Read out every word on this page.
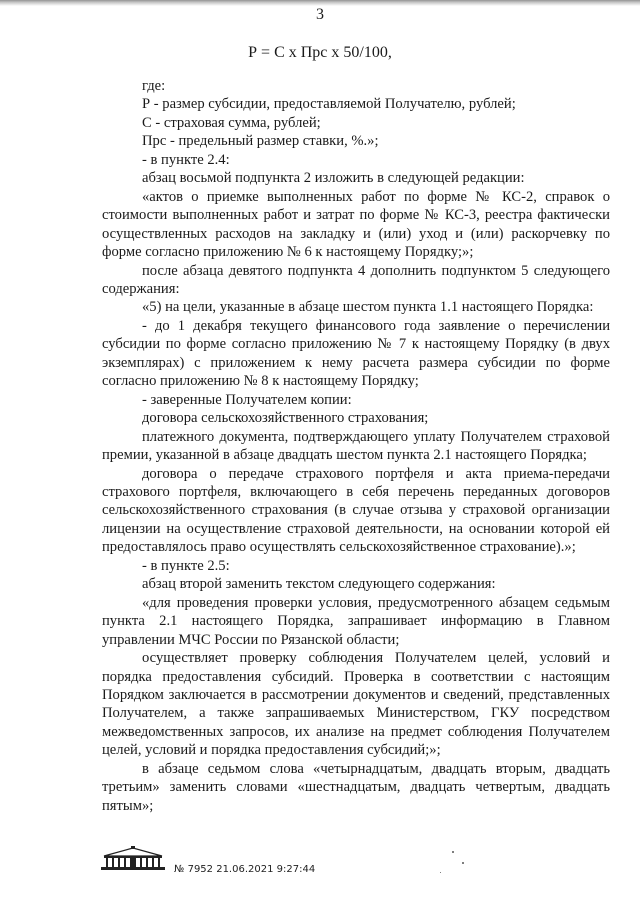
3
Р = С х Прс х 50/100,

где:

Р - размер субсидии, предоставляемой Получателю, рублей;

С - страховая сумма, рублей;

Прс - предельный размер ставки, %.»;

- в пункте 2.4:

абзац восьмой подпункта 2 изложить в следующей редакции:

«актов о приемке выполненных работ по форме № КС-2, справок о стоимости выполненных работ и затрат по форме № КС-3, реестра фактически осуществленных расходов на закладку и (или) уход и (или) раскорчевку по форме согласно приложению № 6 к настоящему Порядку;»;

после абзаца девятого подпункта 4 дополнить подпунктом 5 следующего содержания:

«5) на цели, указанные в абзаце шестом пункта 1.1 настоящего Порядка:

- до 1 декабря текущего финансового года заявление о перечислении субсидии по форме согласно приложению № 7 к настоящему Порядку (в двух экземплярах) с приложением к нему расчета размера субсидии по форме согласно приложению № 8 к настоящему Порядку;

- заверенные Получателем копии:

договора сельскохозяйственного страхования;

платежного документа, подтверждающего уплату Получателем страховой премии, указанной в абзаце двадцать шестом пункта 2.1 настоящего Порядка;

договора о передаче страхового портфеля и акта приема-передачи страхового портфеля, включающего в себя перечень переданных договоров сельскохозяйственного страхования (в случае отзыва у страховой организации лицензии на осуществление страховой деятельности, на основании которой ей предоставлялось право осуществлять сельскохозяйственное страхование).»;

- в пункте 2.5:

абзац второй заменить текстом следующего содержания:

«для проведения проверки условия, предусмотренного абзацем седьмым пункта 2.1 настоящего Порядка, запрашивает информацию в Главном управлении МЧС России по Рязанской области;

осуществляет проверку соблюдения Получателем целей, условий и порядка предоставления субсидий. Проверка в соответствии с настоящим Порядком заключается в рассмотрении документов и сведений, представленных Получателем, а также запрашиваемых Министерством, ГКУ посредством межведомственных запросов, их анализе на предмет соблюдения Получателем целей, условий и порядка предоставления субсидий;»;

в абзаце седьмом слова «четырнадцатым, двадцать вторым, двадцать третьим» заменить словами «шестнадцатым, двадцать четвертым, двадцать пятым»;

№ 7952 21.06.2021 9:27:44
